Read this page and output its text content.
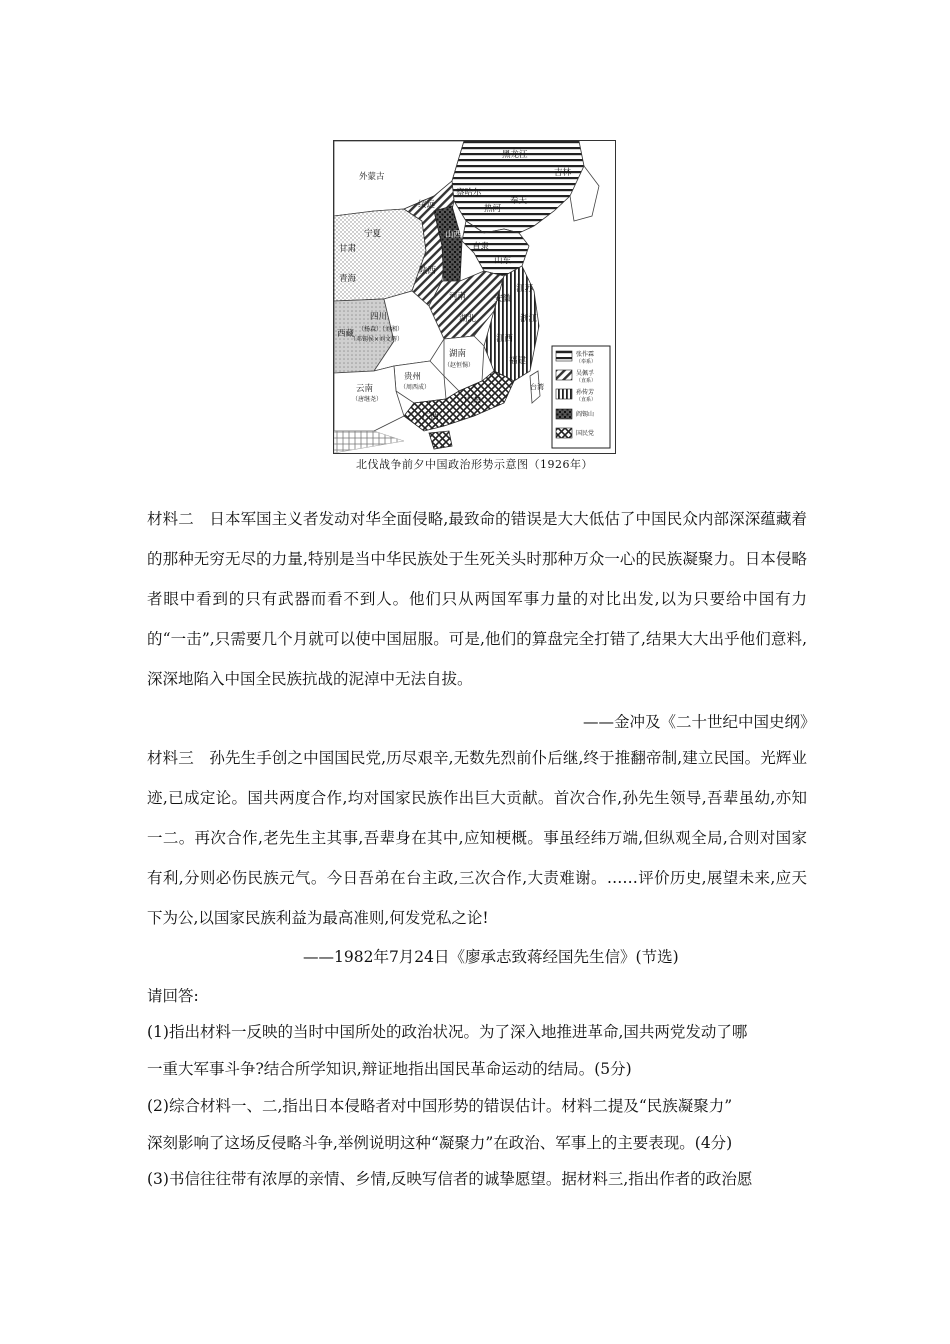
外蒙古
黑龙江
吉林
奉天
察哈尔
热河
绥远
宁夏
甘肃
青海
山西
直隶
山东
陕西
河南
江苏
安徽
湖北	浙江
江西
福建
四川
（杨森）（刘湘）
（邓锡侯×刘文辉）
西藏
湖南
（赵恒惕）
贵州
（周西成）
云南
（唐继尧）
广西
广东
台湾
张作霖
（奉系）
吴佩孚
（直系）
孙传芳
（直系）
阎锡山
国民党
北伐战争前夕中国政治形势示意图（1926年）
材料二　日本军国主义者发动对华全面侵略,最致命的错误是大大低估了中国民众内部深深蕴藏着的那种无穷无尽的力量,特别是当中华民族处于生死关头时那种万众一心的民族凝聚力。日本侵略者眼中看到的只有武器而看不到人。他们只从两国军事力量的对比出发,以为只要给中国有力的“一击”,只需要几个月就可以使中国屈服。可是,他们的算盘完全打错了,结果大大出乎他们意料,深深地陷入中国全民族抗战的泥淖中无法自拔。
——金冲及《二十世纪中国史纲》
材料三　孙先生手创之中国国民党,历尽艰辛,无数先烈前仆后继,终于推翻帝制,建立民国。光辉业迹,已成定论。国共两度合作,均对国家民族作出巨大贡献。首次合作,孙先生领导,吾辈虽幼,亦知一二。再次合作,老先生主其事,吾辈身在其中,应知梗概。事虽经纬万端,但纵观全局,合则对国家有利,分则必伤民族元气。今日吾弟在台主政,三次合作,大责难谢。……评价历史,展望未来,应天下为公,以国家民族利益为最高准则,何发党私之论!
——1982年7月24日《廖承志致蒋经国先生信》(节选)
请回答:
(1)指出材料一反映的当时中国所处的政治状况。为了深入地推进革命,国共两党发动了哪
一重大军事斗争?结合所学知识,辩证地指出国民革命运动的结局。(5分)
(2)综合材料一、二,指出日本侵略者对中国形势的错误估计。材料二提及“民族凝聚力”
深刻影响了这场反侵略斗争,举例说明这种“凝聚力”在政治、军事上的主要表现。(4分)
(3)书信往往带有浓厚的亲情、乡情,反映写信者的诚挚愿望。据材料三,指出作者的政治愿
